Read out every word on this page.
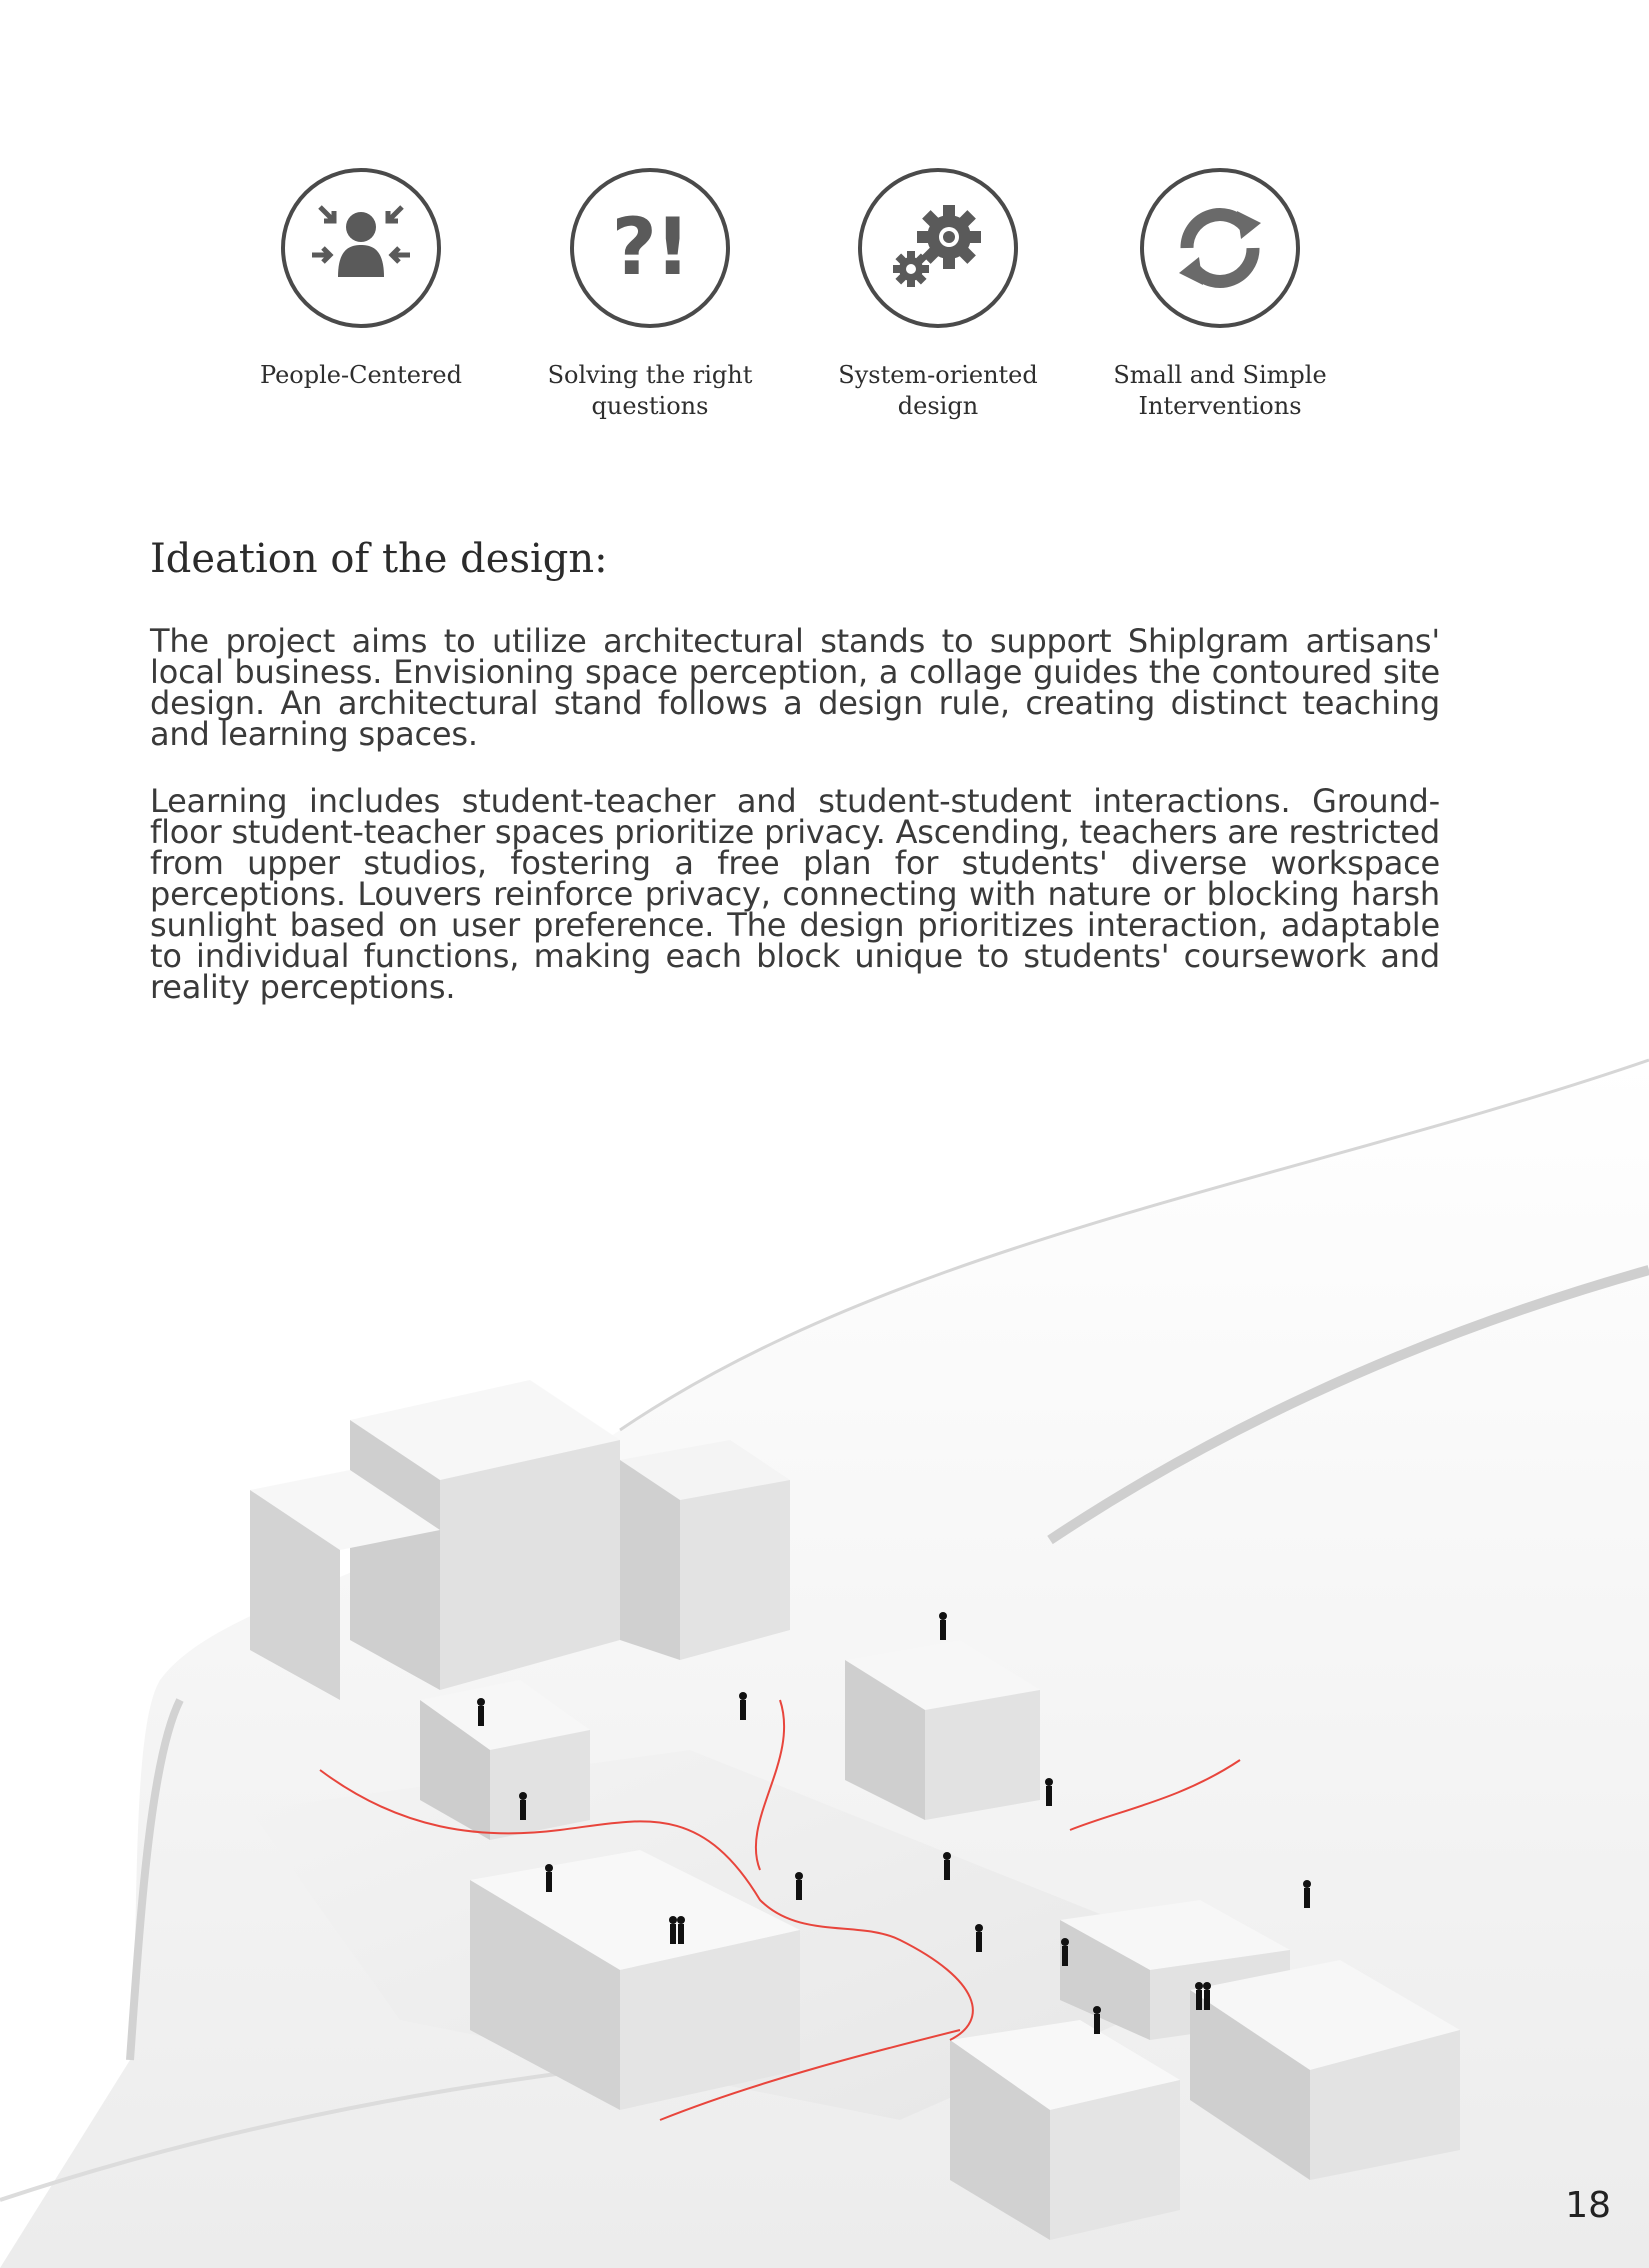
People-Centered
?!
Solving the right
questions
System-oriented
design
Small and Simple
Interventions
Ideation of the design:

The project aims to utilize architectural stands to support Shiplgram artisans' local business. Envisioning space perception, a collage guides the contoured site design. An architectural stand follows a design rule, creating distinct teaching and learning spaces.

Learning includes student-teacher and student-student interactions. Ground-floor student-teacher spaces prioritize privacy. Ascending, teachers are restricted from upper studios, fostering a free plan for students' diverse workspace perceptions. Louvers reinforce privacy, connecting with nature or blocking harsh sunlight based on user preference. The design prioritizes interaction, adaptable to individual functions, making each block unique to students' coursework and reality perceptions.

18
